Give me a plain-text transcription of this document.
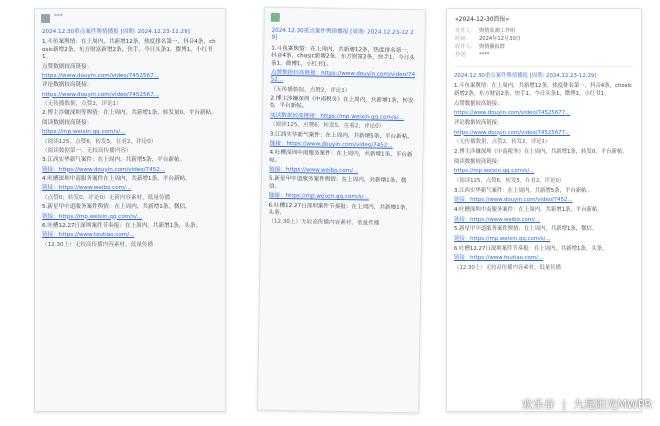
***

2024.12.30重点案件舆情播报 [周期: 2024.12.23-12.29]

1.斗鱼案舆情：在上周内，共新增12条，热度排名第一，抖音4条，chosic新增2条，东方财富新增2条，快手，今日头条1，微博1，小红书1。

点赞数据较高链接：

https://www.douyin.com/video/7452567...

评论数据较高链接：

https://www.douyin.com/video/7452567...

（无传播数据，点赞2，评论1）

2.博主涉嫌深圳等舆情：在上周内，共新增1条，转发量0，平台新帖。

阅读数据较高链接：

https://mp.weixin.qq.com/s/...

（阅读125，点赞6，转发5，在看2，评论0）

（阅读数据第一，无较高传播内容）

3.江西实华新气案件：在上周内，共新增5条，平台新帖。

链接：https://www.douyin.com/video/7452...

4.吐槽深圳中南服务案件在上周内，共新增1条，平台新帖。

链接：https://www.weibo.com/...

（点赞0，转发0，评论0）无新内容素材，低量传播

5.新星甲中道服务案件舆情：在上周内，共新增1条，微信。

链接：https://mp.weixin.qq.com/s/...

6.吐槽12.27日深圳案件节奏报：在上周内，共新增1条，头条。

链接：https://www.toutiao.com/...

（12.30上）无较高传播内容素材，低量传播

2024.12.30重点案件舆情播报 [周期: 2024.12.23-12.29]

1.斗鱼案舆情：在上周内，共新增12条，热度排名第一，抖音4条，chosic新增2条，东方财富2条，快手1，今日头条1，微博1，小红书1。

点赞数据较高链接：https://www.douyin.com/video/7452...

（无传播数据，点赞2，评论1）

2.博主涉嫌深圳《中南税务》在上周内，共新增1条，转发0，平台新帖。

阅读数据较高链接：https://mp.weixin.qq.com/s/...

（阅读125，点赞6，转发5，在看2，评论0）

3.江西实华新气案件：在上周内，共新增5条，平台新帖。

链接：https://www.douyin.com/video/7452...

4.吐槽深圳中南服务案件：在上周内，共新增1条，平台新帖。

链接：https://www.weibo.com/...

5.新星甲中道服务案件舆情：在上周内，共新增1条，微信。

链接：https://mp.weixin.qq.com/s/...

6.吐槽12.27日深圳案件节奏报：在上周内，共新增1条，头条。

（12.30上）无较高传播内容素材，低量传播

«2024-12-30简报»
发件人： 舆情监测工作组
时间： 2024年12月30日
收件人： 舆情播报群
抄送： ****

2024.12.30重点案件舆情播报 [周期: 2024.12.23-12.29]

1.斗鱼案舆情：在上周内，共新增12条，热度排名第一，抖音4条，chosic新增2条，东方财富2条，快手1，今日头条1，微博1，小红书1。

点赞数据较高链接：

https://www.douyin.com/video/74525677...

评论数据较高链接：

https://www.douyin.com/video/74525677...

（无传播数据，点赞2，转发2，评论1）

2.博主涉嫌深圳《中南税务》在上周内，共新增1条，转发0，平台新帖。

阅读数据较高链接：

https://mp.weixin.qq.com/s/...

（阅读125，点赞6，转发5，在看2，评论0）

3.江西实华新气案件：在上周内，共新增5条，平台新帖。

链接：https://www.douyin.com/video/7452...

4.吐槽深圳中南服务案件：在上周内，共新增1条，平台新帖。

链接：https://www.weibo.com/...

5.新星甲中道服务案件舆情：在上周内，共新增1条，微信。

链接：https://mp.weixin.qq.com/s/...

6.吐槽12.27日深圳案件节奏报：在上周内，共新增1条，头条。

链接：https://www.toutiao.com/...

（12.30上）无较高传播内容素材，低量传播

欢乐谷 | 九尾阳光MWPR
